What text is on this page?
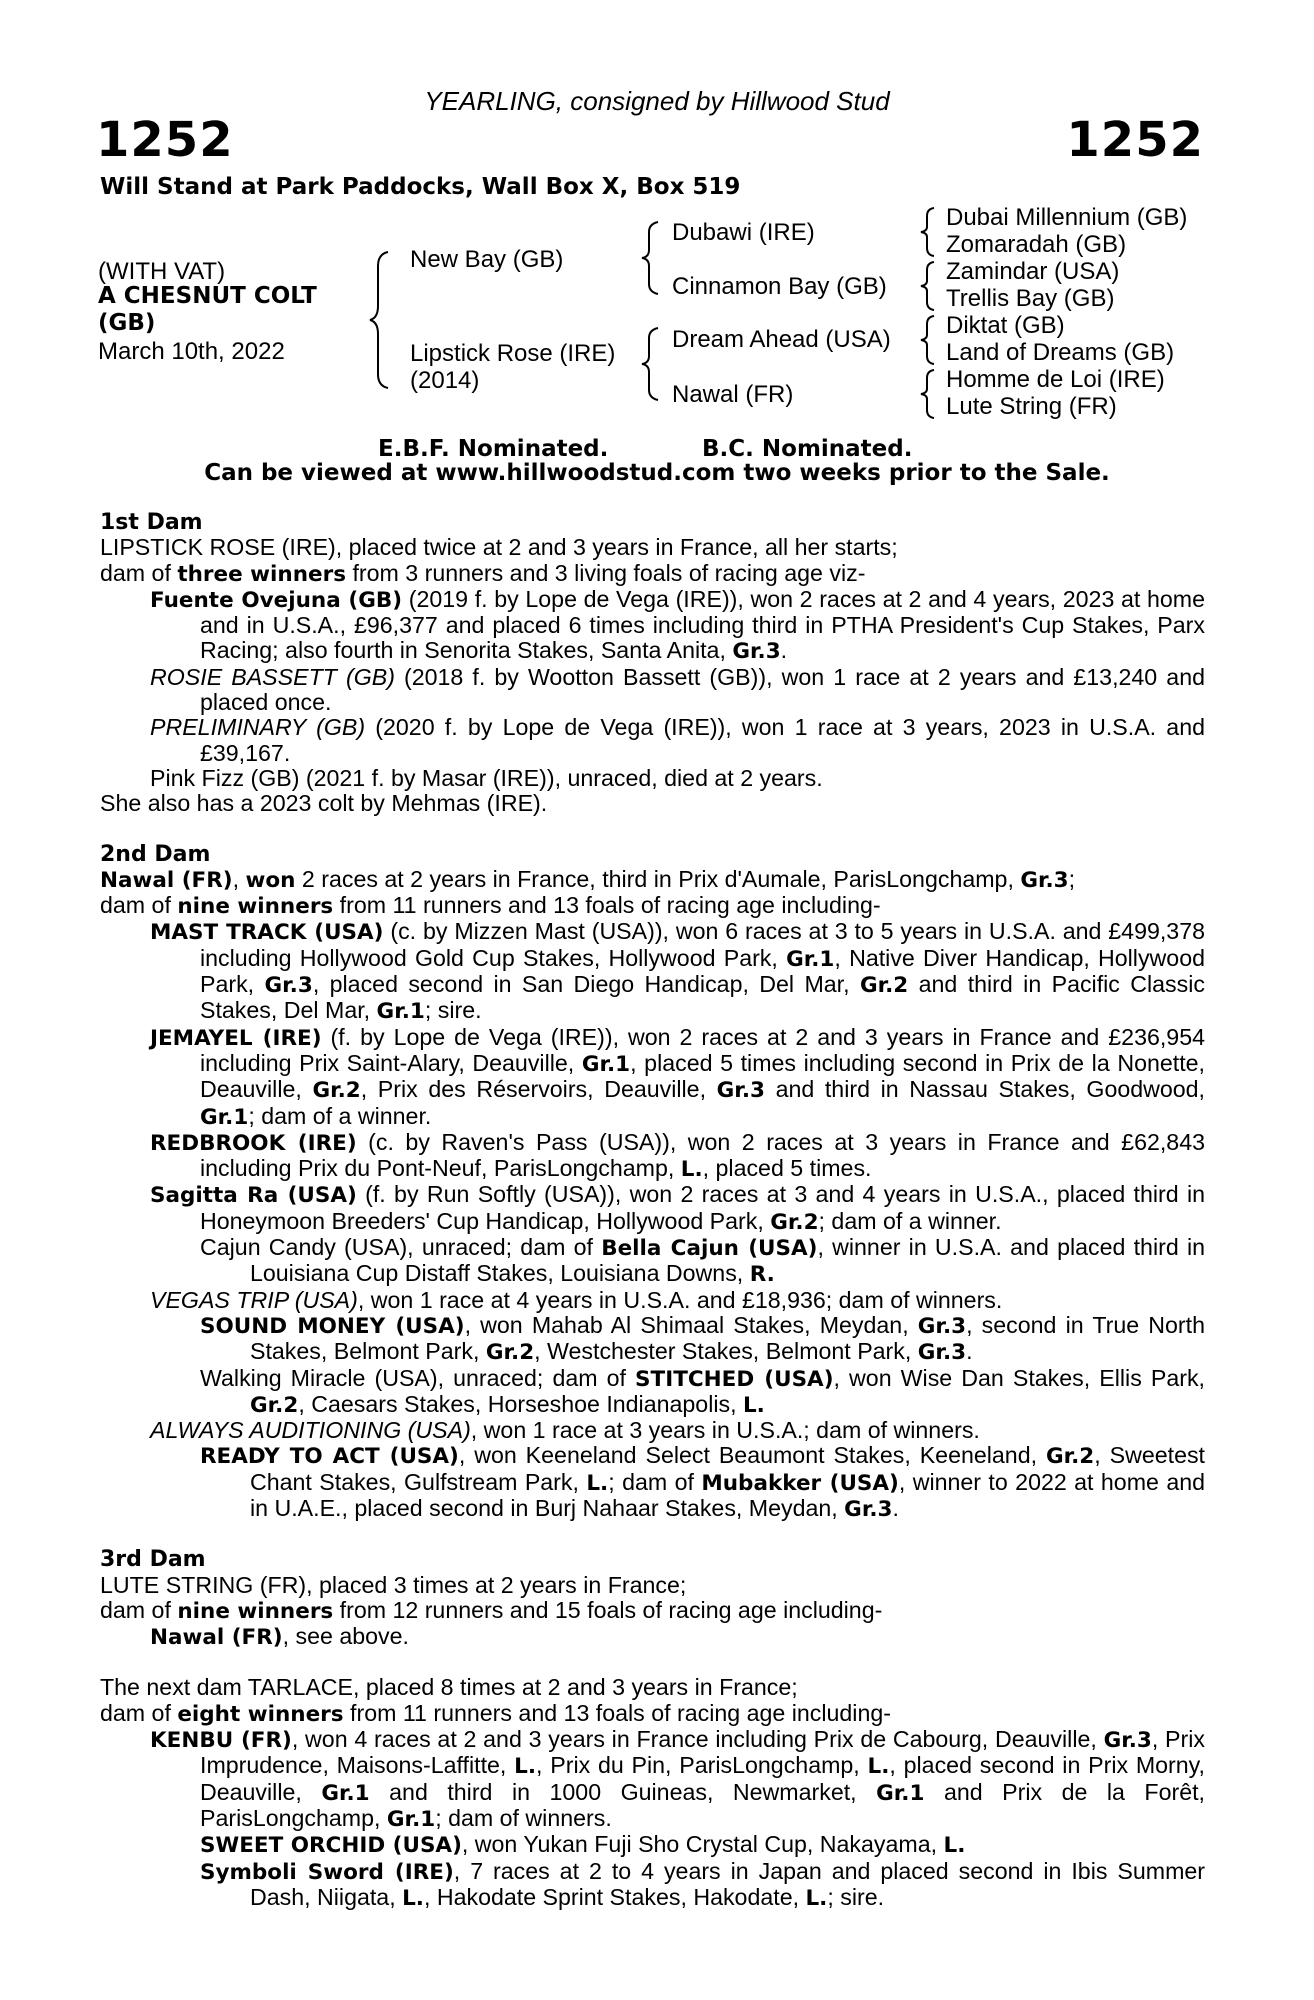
YEARLING, consigned by Hillwood Stud
1252	1252
Will Stand at Park Paddocks, Wall Box X, Box 519
(WITH VAT)
A CHESNUT COLT
(GB)
March 10th, 2022
New Bay (GB)
Lipstick Rose (IRE)
(2014)
Dubawi (IRE)
Cinnamon Bay (GB)
Dream Ahead (USA)
Nawal (FR)
Dubai Millennium (GB)
Zomaradah (GB)
Zamindar (USA)
Trellis Bay (GB)
Diktat (GB)
Land of Dreams (GB)
Homme de Loi (IRE)
Lute String (FR)
E.B.F. Nominated.	B.C. Nominated.
Can be viewed at www.hillwoodstud.com two weeks prior to the Sale.

1st Dam

LIPSTICK ROSE (IRE), placed twice at 2 and 3 years in France, all her starts;

dam of three winners from 3 runners and 3 living foals of racing age viz-

Fuente Ovejuna (GB) (2019 f. by Lope de Vega (IRE)), won 2 races at 2 and 4 years, 2023 at home and in U.S.A., £96,377 and placed 6 times including third in PTHA President's Cup Stakes, Parx Racing; also fourth in Senorita Stakes, Santa Anita, Gr.3.

ROSIE BASSETT (GB) (2018 f. by Wootton Bassett (GB)), won 1 race at 2 years and £13,240 and placed once.

PRELIMINARY (GB) (2020 f. by Lope de Vega (IRE)), won 1 race at 3 years, 2023 in U.S.A. and £39,167.

Pink Fizz (GB) (2021 f. by Masar (IRE)), unraced, died at 2 years.

She also has a 2023 colt by Mehmas (IRE).

2nd Dam

Nawal (FR), won 2 races at 2 years in France, third in Prix d'Aumale, ParisLongchamp, Gr.3;

dam of nine winners from 11 runners and 13 foals of racing age including-

MAST TRACK (USA) (c. by Mizzen Mast (USA)), won 6 races at 3 to 5 years in U.S.A. and £499,378 including Hollywood Gold Cup Stakes, Hollywood Park, Gr.1, Native Diver Handicap, Hollywood Park, Gr.3, placed second in San Diego Handicap, Del Mar, Gr.2 and third in Pacific Classic Stakes, Del Mar, Gr.1; sire.

JEMAYEL (IRE) (f. by Lope de Vega (IRE)), won 2 races at 2 and 3 years in France and £236,954 including Prix Saint-Alary, Deauville, Gr.1, placed 5 times including second in Prix de la Nonette, Deauville, Gr.2, Prix des Réservoirs, Deauville, Gr.3 and third in Nassau Stakes, Goodwood, Gr.1; dam of a winner.

REDBROOK (IRE) (c. by Raven's Pass (USA)), won 2 races at 3 years in France and £62,843 including Prix du Pont-Neuf, ParisLongchamp, L., placed 5 times.

Sagitta Ra (USA) (f. by Run Softly (USA)), won 2 races at 3 and 4 years in U.S.A., placed third in Honeymoon Breeders' Cup Handicap, Hollywood Park, Gr.2; dam of a winner.

Cajun Candy (USA), unraced; dam of Bella Cajun (USA), winner in U.S.A. and placed third in Louisiana Cup Distaff Stakes, Louisiana Downs, R.

VEGAS TRIP (USA), won 1 race at 4 years in U.S.A. and £18,936; dam of winners.

SOUND MONEY (USA), won Mahab Al Shimaal Stakes, Meydan, Gr.3, second in True North Stakes, Belmont Park, Gr.2, Westchester Stakes, Belmont Park, Gr.3.

Walking Miracle (USA), unraced; dam of STITCHED (USA), won Wise Dan Stakes, Ellis Park, Gr.2, Caesars Stakes, Horseshoe Indianapolis, L.

ALWAYS AUDITIONING (USA), won 1 race at 3 years in U.S.A.; dam of winners.

READY TO ACT (USA), won Keeneland Select Beaumont Stakes, Keeneland, Gr.2, Sweetest Chant Stakes, Gulfstream Park, L.; dam of Mubakker (USA), winner to 2022 at home and in U.A.E., placed second in Burj Nahaar Stakes, Meydan, Gr.3.

3rd Dam

LUTE STRING (FR), placed 3 times at 2 years in France;

dam of nine winners from 12 runners and 15 foals of racing age including-

Nawal (FR), see above.

The next dam TARLACE, placed 8 times at 2 and 3 years in France;

dam of eight winners from 11 runners and 13 foals of racing age including-

KENBU (FR), won 4 races at 2 and 3 years in France including Prix de Cabourg, Deauville, Gr.3, Prix Imprudence, Maisons-Laffitte, L., Prix du Pin, ParisLongchamp, L., placed second in Prix Morny, Deauville, Gr.1 and third in 1000 Guineas, Newmarket, Gr.1 and Prix de la Forêt, ParisLongchamp, Gr.1; dam of winners.

SWEET ORCHID (USA), won Yukan Fuji Sho Crystal Cup, Nakayama, L.

Symboli Sword (IRE), 7 races at 2 to 4 years in Japan and placed second in Ibis Summer Dash, Niigata, L., Hakodate Sprint Stakes, Hakodate, L.; sire.
